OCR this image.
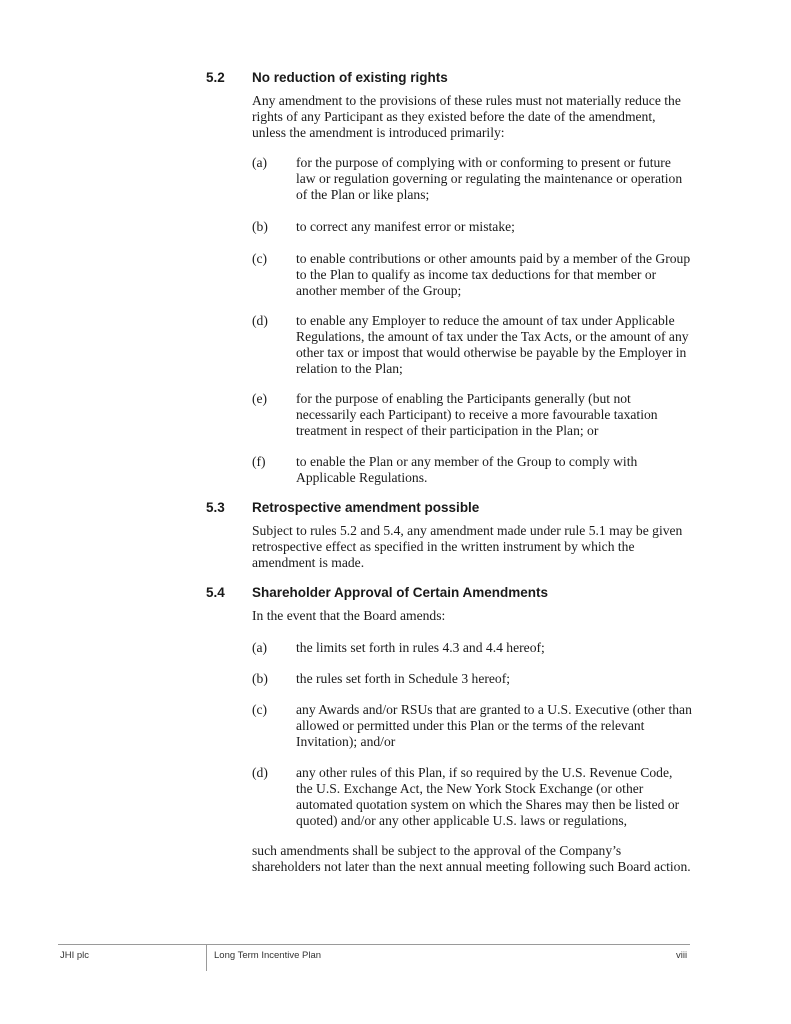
5.2 No reduction of existing rights
Any amendment to the provisions of these rules must not materially reduce the rights of any Participant as they existed before the date of the amendment, unless the amendment is introduced primarily:
(a) for the purpose of complying with or conforming to present or future law or regulation governing or regulating the maintenance or operation of the Plan or like plans;
(b) to correct any manifest error or mistake;
(c) to enable contributions or other amounts paid by a member of the Group to the Plan to qualify as income tax deductions for that member or another member of the Group;
(d) to enable any Employer to reduce the amount of tax under Applicable Regulations, the amount of tax under the Tax Acts, or the amount of any other tax or impost that would otherwise be payable by the Employer in relation to the Plan;
(e) for the purpose of enabling the Participants generally (but not necessarily each Participant) to receive a more favourable taxation treatment in respect of their participation in the Plan; or
(f) to enable the Plan or any member of the Group to comply with Applicable Regulations.
5.3 Retrospective amendment possible
Subject to rules 5.2 and 5.4, any amendment made under rule 5.1 may be given retrospective effect as specified in the written instrument by which the amendment is made.
5.4 Shareholder Approval of Certain Amendments
In the event that the Board amends:
(a) the limits set forth in rules 4.3 and 4.4 hereof;
(b) the rules set forth in Schedule 3 hereof;
(c) any Awards and/or RSUs that are granted to a U.S. Executive (other than allowed or permitted under this Plan or the terms of the relevant Invitation); and/or
(d) any other rules of this Plan, if so required by the U.S. Revenue Code, the U.S. Exchange Act, the New York Stock Exchange (or other automated quotation system on which the Shares may then be listed or quoted) and/or any other applicable U.S. laws or regulations,
such amendments shall be subject to the approval of the Company’s shareholders not later than the next annual meeting following such Board action.
JHI plc	Long Term Incentive Plan	viii
